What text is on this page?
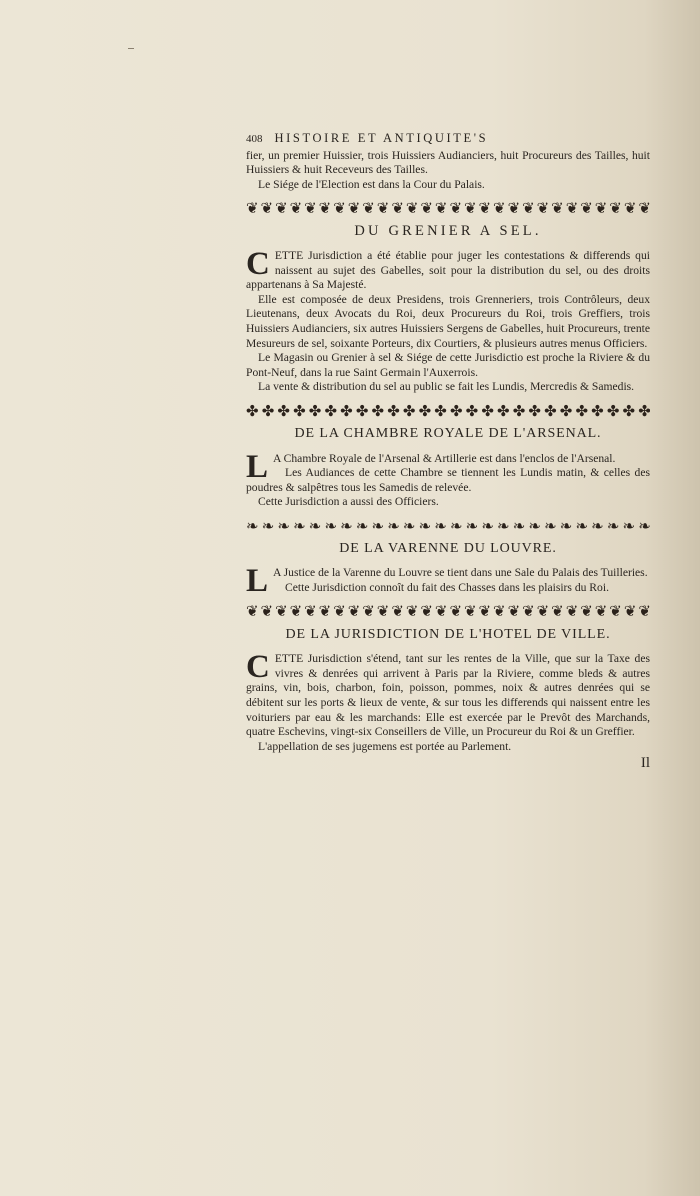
408 HISTOIRE ET ANTIQUITE'S

fier, un premier Huissier, trois Huissiers Audianciers, huit Procureurs des Tailles, huit Huissiers & huit Receveurs des Tailles.

Le Siége de l'Election est dans la Cour du Palais.

❦ ❦ ❦ ❦ ❦ ❦ ❦ ❦ ❦ ❦ ❦ ❦ ❦ ❦ ❦ ❦ ❦ ❦ ❦ ❦ ❦ ❦ ❦ ❦ ❦ ❦ ❦ ❦
DU GRENIER A SEL.

CETTE Jurisdiction a été établie pour juger les contestations & differends qui naissent au sujet des Gabelles, soit pour la distribution du sel, ou des droits appartenans à Sa Majesté.

Elle est composée de deux Presidens, trois Grenneriers, trois Contrôleurs, deux Lieutenans, deux Avocats du Roi, deux Procureurs du Roi, trois Greffiers, trois Huissiers Audianciers, six autres Huissiers Sergens de Gabelles, huit Procureurs, trente Mesureurs de sel, soixante Porteurs, dix Courtiers, & plusieurs autres menus Officiers.

Le Magasin ou Grenier à sel & Siége de cette Jurisdictio est proche la Riviere & du Pont-Neuf, dans la rue Saint Germain l'Auxerrois.

La vente & distribution du sel au public se fait les Lundis, Mercredis & Samedis.

✤ ✤ ✤ ✤ ✤ ✤ ✤ ✤ ✤ ✤ ✤ ✤ ✤ ✤ ✤ ✤ ✤ ✤ ✤ ✤ ✤ ✤ ✤ ✤ ✤ ✤
DE LA CHAMBRE ROYALE DE L'ARSENAL.

L A Chambre Royale de l'Arsenal & Artillerie est dans l'enclos de l'Arsenal.

Les Audiances de cette Chambre se tiennent les Lundis matin, & celles des poudres & salpêtres tous les Samedis de relevée.

Cette Jurisdiction a aussi des Officiers.

❧ ❧ ❧ ❧ ❧ ❧ ❧ ❧ ❧ ❧ ❧ ❧ ❧ ❧ ❧ ❧ ❧ ❧ ❧ ❧ ❧ ❧ ❧ ❧ ❧ ❧
DE LA VARENNE DU LOUVRE.

L A Justice de la Varenne du Louvre se tient dans une Sale du Palais des Tuilleries.

Cette Jurisdiction connoît du fait des Chasses dans les plaisirs du Roi.

❦ ❦ ❦ ❦ ❦ ❦ ❦ ❦ ❦ ❦ ❦ ❦ ❦ ❦ ❦ ❦ ❦ ❦ ❦ ❦ ❦ ❦ ❦ ❦ ❦ ❦ ❦ ❦
DE LA JURISDICTION DE L'HOTEL DE VILLE.

CETTE Jurisdiction s'étend, tant sur les rentes de la Ville, que sur la Taxe des vivres & denrées qui arrivent à Paris par la Riviere, comme bleds & autres grains, vin, bois, charbon, foin, poisson, pommes, noix & autres denrées qui se débitent sur les ports & lieux de vente, & sur tous les differends qui naissent entre les voituriers par eau & les marchands: Elle est exercée par le Prevôt des Marchands, quatre Eschevins, vingt-six Conseillers de Ville, un Procureur du Roi & un Greffier.

L'appellation de ses jugemens est portée au Parlement.

Il
